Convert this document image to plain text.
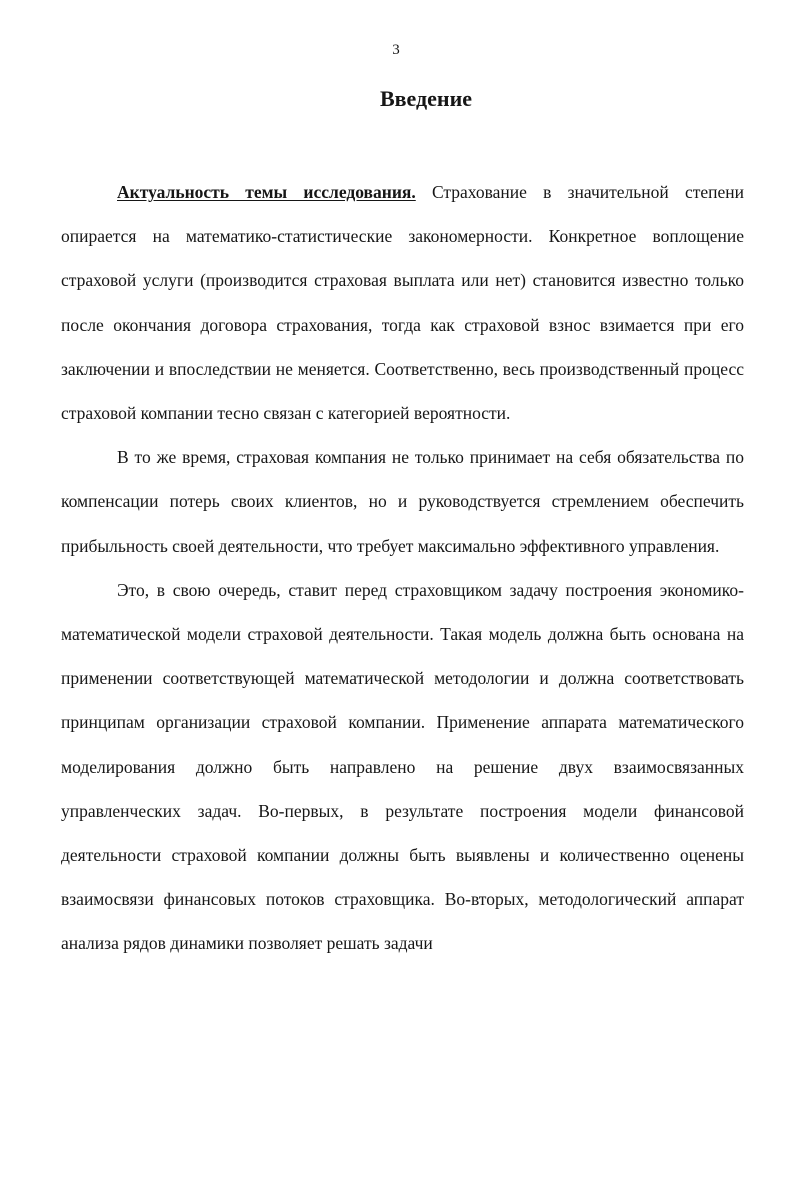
3
Введение

Актуальность темы исследования. Страхование в значительной степени опирается на математико-статистические закономерности. Конкретное воплощение страховой услуги (производится страховая выплата или нет) становится известно только после окончания договора страхования, тогда как страховой взнос взимается при его заключении и впоследствии не меняется. Соответственно, весь производственный процесс страховой компании тесно связан с категорией вероятности.

В то же время, страховая компания не только принимает на себя обязательства по компенсации потерь своих клиентов, но и руководствуется стремлением обеспечить прибыльность своей деятельности, что требует максимально эффективного управления.

Это, в свою очередь, ставит перед страховщиком задачу построения экономико-математической модели страховой деятельности. Такая модель должна быть основана на применении соответствующей математической методологии и должна соответствовать принципам организации страховой компании. Применение аппарата математического моделирования должно быть направлено на решение двух взаимосвязанных управленческих задач. Во-первых, в результате построения модели финансовой деятельности страховой компании должны быть выявлены и количественно оценены взаимосвязи финансовых потоков страховщика. Во-вторых, методологический аппарат анализа рядов динамики позволяет решать задачи
